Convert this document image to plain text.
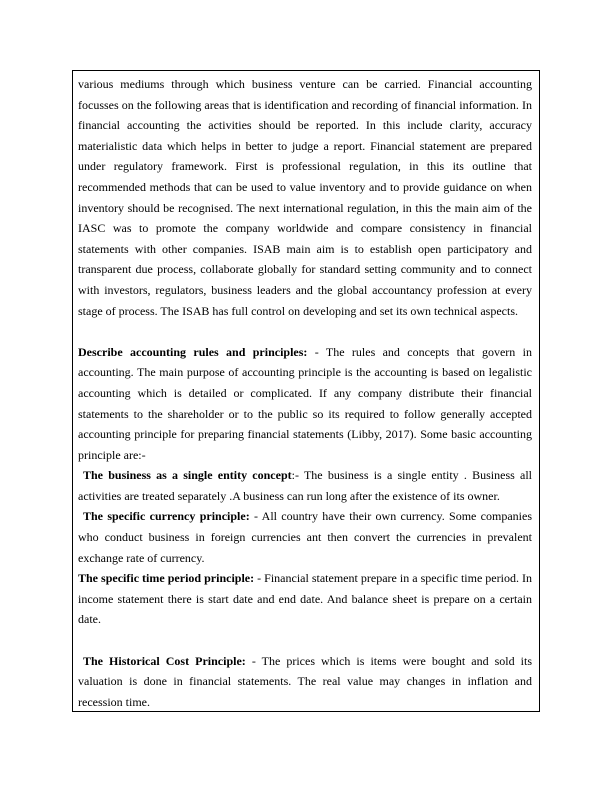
various mediums through which business venture can be carried. Financial accounting focusses on the following areas that is identification and recording of financial information. In financial accounting the activities should be reported. In this include clarity, accuracy materialistic data which helps in better to judge a report. Financial statement are prepared under regulatory framework. First is professional regulation, in this its outline that recommended methods that can be used to value inventory and to provide guidance on when inventory should be recognised. The next international regulation, in this the main aim of the IASC was to promote the company worldwide and compare consistency in financial statements with other companies. ISAB main aim is to establish open participatory and transparent due process, collaborate globally for standard setting community and to connect with investors, regulators, business leaders and the global accountancy profession at every stage of process. The ISAB has full control on developing and set its own technical aspects.

Describe accounting rules and principles: - The rules and concepts that govern in accounting. The main purpose of accounting principle is the accounting is based on legalistic accounting which is detailed or complicated. If any company distribute their financial statements to the shareholder or to the public so its required to follow generally accepted accounting principle for preparing financial statements (Libby, 2017). Some basic accounting principle are:-

The business as a single entity concept:- The business is a single entity . Business all activities are treated separately .A business can run long after the existence of its owner.

The specific currency principle: - All country have their own currency. Some companies who conduct business in foreign currencies ant then convert the currencies in prevalent exchange rate of currency.

The specific time period principle: - Financial statement prepare in a specific time period. In income statement there is start date and end date. And balance sheet is prepare on a certain date.

The Historical Cost Principle: - The prices which is items were bought and sold its valuation is done in financial statements. The real value may changes in inflation and recession time.
